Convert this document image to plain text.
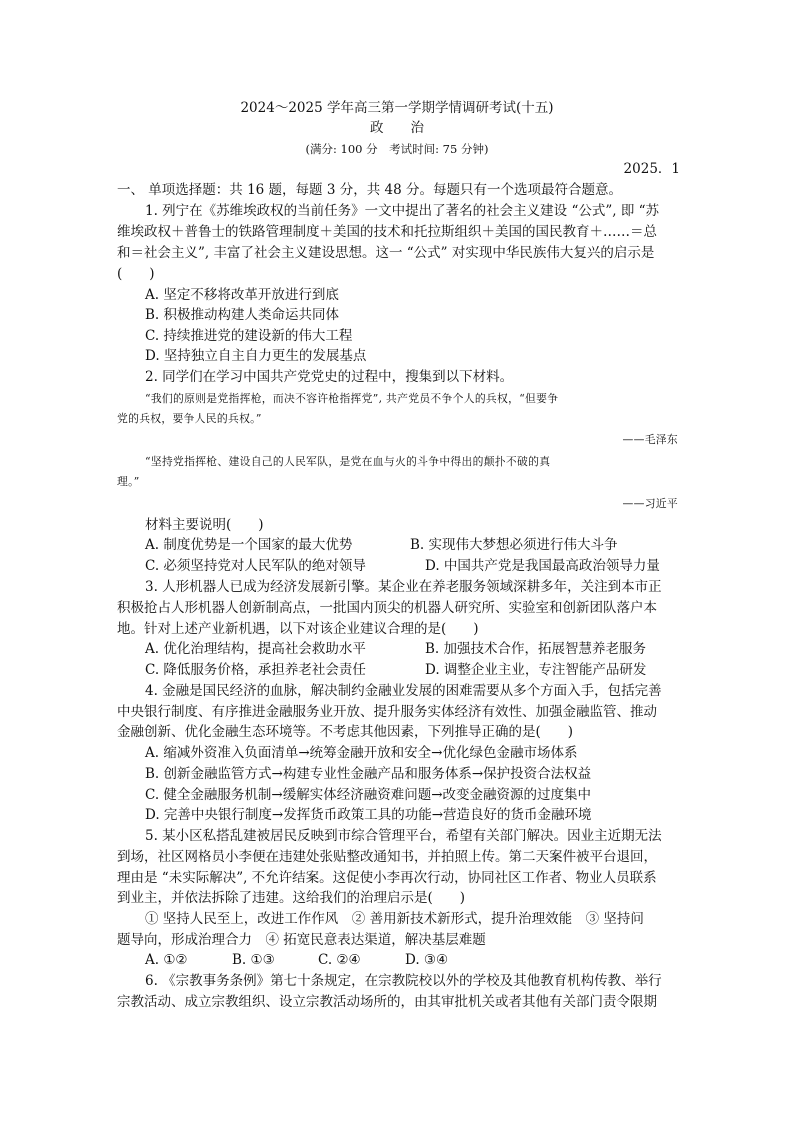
2024～2025 学年高三第一学期学情调研考试(十五)
政　　治
(满分: 100 分　考试时间: 75 分钟)
2025．1
一、 单项选择题：共 16 题，每题 3 分，共 48 分。每题只有一个选项最符合题意。
1. 列宁在《苏维埃政权的当前任务》一文中提出了著名的社会主义建设 “公式”, 即 “苏
维埃政权＋普鲁士的铁路管理制度＋美国的技术和托拉斯组织＋美国的国民教育＋……＝总
和＝社会主义”, 丰富了社会主义建设思想。这一 “公式” 对实现中华民族伟大复兴的启示是
(　　)
A. 坚定不移将改革开放进行到底
B. 积极推动构建人类命运共同体
C. 持续推进党的建设新的伟大工程
D. 坚持独立自主自力更生的发展基点
2. 同学们在学习中国共产党党史的过程中，搜集到以下材料。
“我们的原则是党指挥枪，而决不容许枪指挥党”, 共产党员不争个人的兵权，“但要争
党的兵权，要争人民的兵权。”
——毛泽东
“坚持党指挥枪、建设自己的人民军队，是党在血与火的斗争中得出的颠扑不破的真
理。”
——习近平
材料主要说明(　　)
A. 制度优势是一个国家的最大优势	B. 实现伟大梦想必须进行伟大斗争
C. 必须坚持党对人民军队的绝对领导	D. 中国共产党是我国最高政治领导力量
3. 人形机器人已成为经济发展新引擎。某企业在养老服务领域深耕多年，关注到本市正
积极抢占人形机器人创新制高点，一批国内顶尖的机器人研究所、实验室和创新团队落户本
地。针对上述产业新机遇，以下对该企业建议合理的是(　　)
A. 优化治理结构，提高社会救助水平	B. 加强技术合作，拓展智慧养老服务
C. 降低服务价格，承担养老社会责任	D. 调整企业主业，专注智能产品研发
4. 金融是国民经济的血脉，解决制约金融业发展的困难需要从多个方面入手，包括完善
中央银行制度、有序推进金融服务业开放、提升服务实体经济有效性、加强金融监管、推动
金融创新、优化金融生态环境等。不考虑其他因素，下列推导正确的是(　　)
A. 缩减外资准入负面清单→统筹金融开放和安全→优化绿色金融市场体系
B. 创新金融监管方式→构建专业性金融产品和服务体系→保护投资合法权益
C. 健全金融服务机制→缓解实体经济融资难问题→改变金融资源的过度集中
D. 完善中央银行制度→发挥货币政策工具的功能→营造良好的货币金融环境
5. 某小区私搭乱建被居民反映到市综合管理平台，希望有关部门解决。因业主近期无法
到场，社区网格员小李便在违建处张贴整改通知书，并拍照上传。第二天案件被平台退回，
理由是 “未实际解决”, 不允许结案。这促使小李再次行动，协同社区工作者、物业人员联系
到业主，并依法拆除了违建。这给我们的治理启示是(　　)
① 坚持人民至上，改进工作作风　② 善用新技术新形式，提升治理效能　③ 坚持问
题导向，形成治理合力　④ 拓宽民意表达渠道，解决基层难题
A. ①②	B. ①③	C. ②④	D. ③④
6. 《宗教事务条例》第七十条规定，在宗教院校以外的学校及其他教育机构传教、举行
宗教活动、成立宗教组织、设立宗教活动场所的，由其审批机关或者其他有关部门责令限期
